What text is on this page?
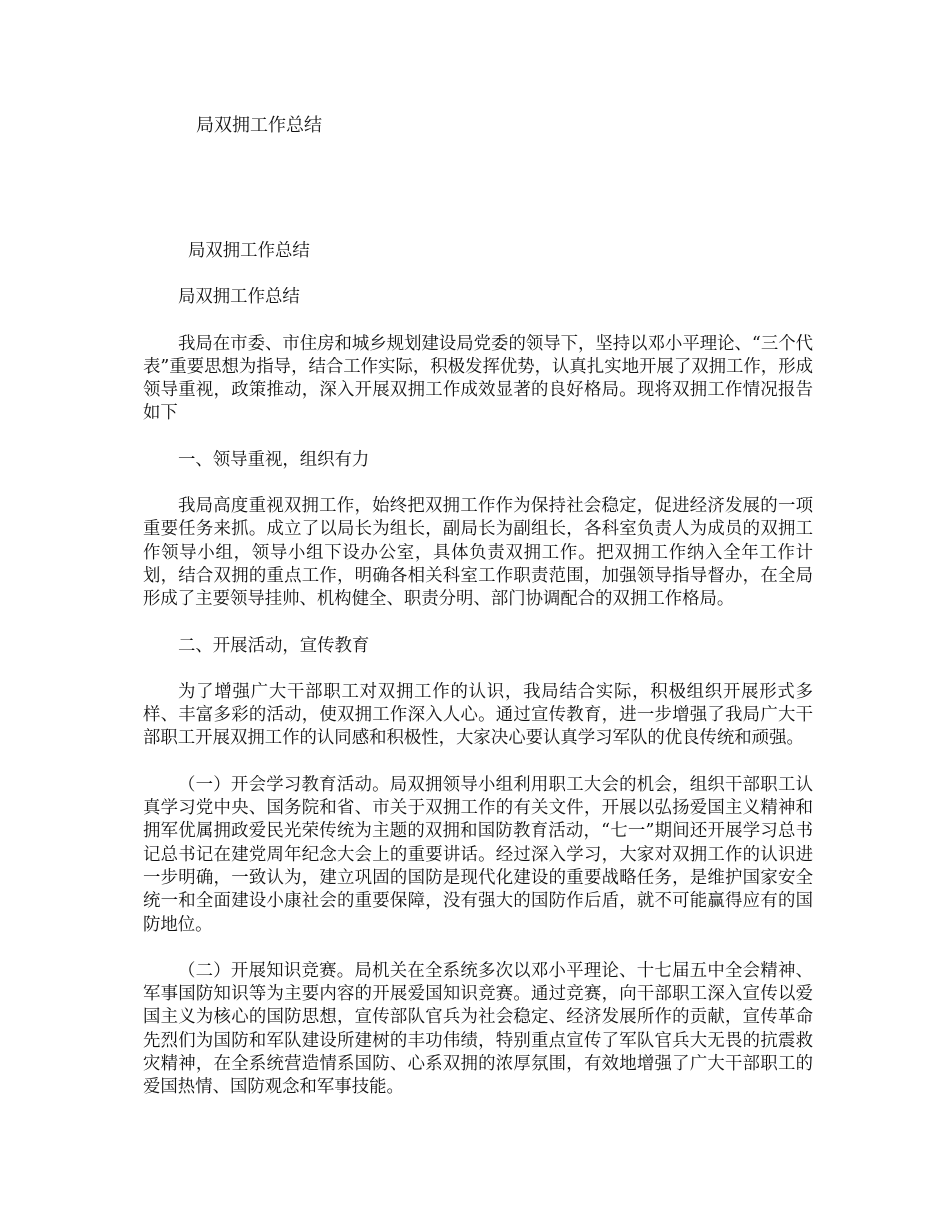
局双拥工作总结

局双拥工作总结

局双拥工作总结

我局在市委、市住房和城乡规划建设局党委的领导下，坚持以邓小平理论、“三个代表”重要思想为指导，结合工作实际，积极发挥优势，认真扎实地开展了双拥工作，形成领导重视，政策推动，深入开展双拥工作成效显著的良好格局。现将双拥工作情况报告如下

一、领导重视，组织有力

我局高度重视双拥工作，始终把双拥工作作为保持社会稳定，促进经济发展的一项重要任务来抓。成立了以局长为组长，副局长为副组长，各科室负责人为成员的双拥工作领导小组，领导小组下设办公室，具体负责双拥工作。把双拥工作纳入全年工作计划，结合双拥的重点工作，明确各相关科室工作职责范围，加强领导指导督办，在全局形成了主要领导挂帅、机构健全、职责分明、部门协调配合的双拥工作格局。

二、开展活动，宣传教育

为了增强广大干部职工对双拥工作的认识，我局结合实际，积极组织开展形式多样、丰富多彩的活动，使双拥工作深入人心。通过宣传教育，进一步增强了我局广大干部职工开展双拥工作的认同感和积极性，大家决心要认真学习军队的优良传统和顽强。

（一）开会学习教育活动。局双拥领导小组利用职工大会的机会，组织干部职工认真学习党中央、国务院和省、市关于双拥工作的有关文件，开展以弘扬爱国主义精神和拥军优属拥政爱民光荣传统为主题的双拥和国防教育活动，“七一”期间还开展学习总书记总书记在建党周年纪念大会上的重要讲话。经过深入学习，大家对双拥工作的认识进一步明确，一致认为，建立巩固的国防是现代化建设的重要战略任务，是维护国家安全统一和全面建设小康社会的重要保障，没有强大的国防作后盾，就不可能赢得应有的国防地位。

（二）开展知识竞赛。局机关在全系统多次以邓小平理论、十七届五中全会精神、军事国防知识等为主要内容的开展爱国知识竞赛。通过竞赛，向干部职工深入宣传以爱国主义为核心的国防思想，宣传部队官兵为社会稳定、经济发展所作的贡献，宣传革命先烈们为国防和军队建设所建树的丰功伟绩，特别重点宣传了军队官兵大无畏的抗震救灾精神，在全系统营造情系国防、心系双拥的浓厚氛围，有效地增强了广大干部职工的爱国热情、国防观念和军事技能。
